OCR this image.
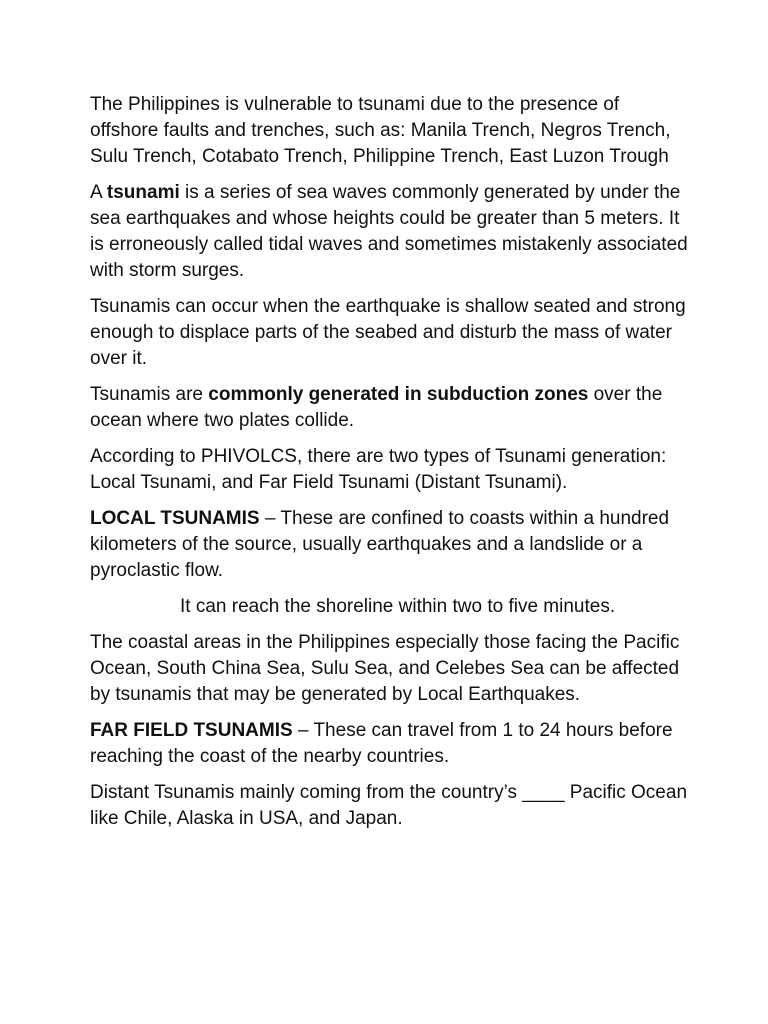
The Philippines is vulnerable to tsunami due to the presence of offshore faults and trenches, such as: Manila Trench, Negros Trench, Sulu Trench, Cotabato Trench, Philippine Trench, East Luzon Trough

A tsunami is a series of sea waves commonly generated by under the sea earthquakes and whose heights could be greater than 5 meters. It is erroneously called tidal waves and sometimes mistakenly associated with storm surges.

Tsunamis can occur when the earthquake is shallow seated and strong enough to displace parts of the seabed and disturb the mass of water over it.

Tsunamis are commonly generated in subduction zones over the ocean where two plates collide.

According to PHIVOLCS, there are two types of Tsunami generation: Local Tsunami, and Far Field Tsunami (Distant Tsunami).

LOCAL TSUNAMIS – These are confined to coasts within a hundred kilometers of the source, usually earthquakes and a landslide or a pyroclastic flow.

It can reach the shoreline within two to five minutes.

The coastal areas in the Philippines especially those facing the Pacific Ocean, South China Sea, Sulu Sea, and Celebes Sea can be affected by tsunamis that may be generated by Local Earthquakes.

FAR FIELD TSUNAMIS – These can travel from 1 to 24 hours before reaching the coast of the nearby countries.

Distant Tsunamis mainly coming from the country’s ____ Pacific Ocean like Chile, Alaska in USA, and Japan.
